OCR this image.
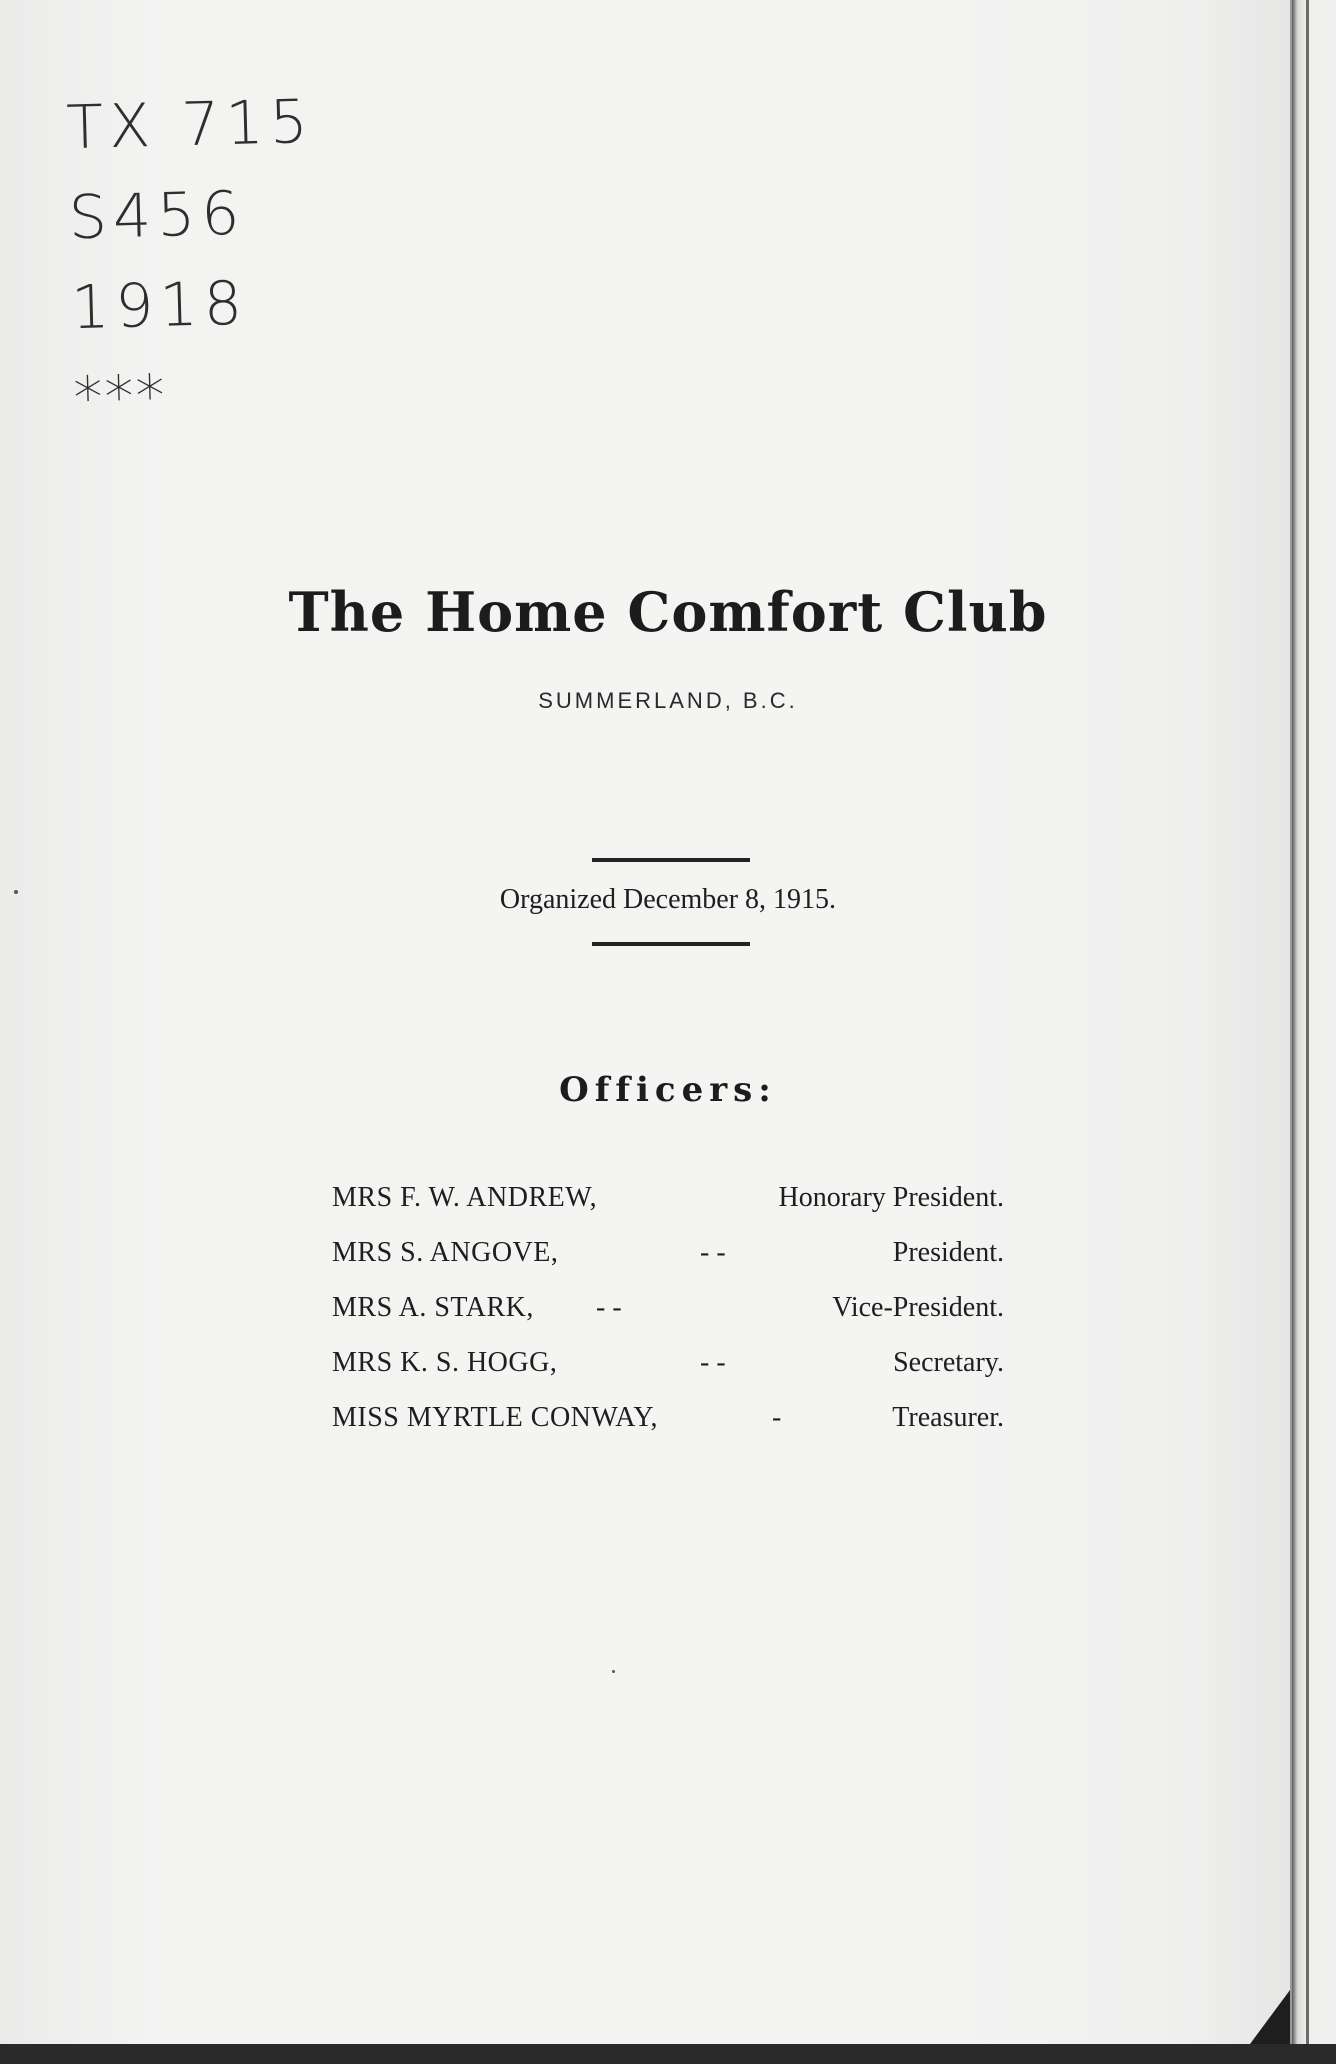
TX 715
S456
1918
***
The Home Comfort Club
SUMMERLAND, B.C.
Organized December 8, 1915.
Officers:
MRS F. W. ANDREW,	Honorary President.
MRS S. ANGOVE,	- -	President.
MRS A. STARK, - -	Vice-President.
MRS K. S. HOGG,	- -	Secretary.
MISS MYRTLE CONWAY,	-	Treasurer.
